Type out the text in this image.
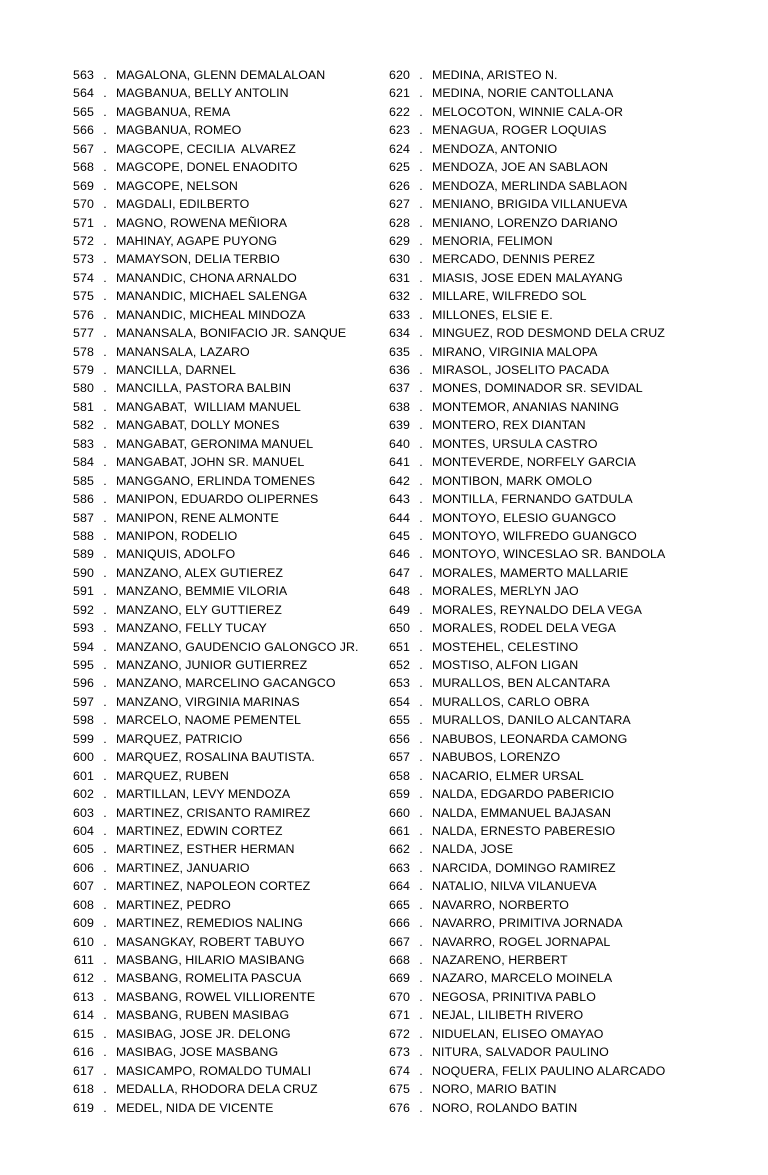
563 . MAGALONA, GLENN DEMALALOAN
564 . MAGBANUA, BELLY ANTOLIN
565 . MAGBANUA, REMA
566 . MAGBANUA, ROMEO
567 . MAGCOPE, CECILIA  ALVAREZ
568 . MAGCOPE, DONEL ENAODITO
569 . MAGCOPE, NELSON
570 . MAGDALI, EDILBERTO
571 . MAGNO, ROWENA MEÑIORA
572 . MAHINAY, AGAPE PUYONG
573 . MAMAYSON, DELIA TERBIO
574 . MANANDIC, CHONA ARNALDO
575 . MANANDIC, MICHAEL SALENGA
576 . MANANDIC, MICHEAL MINDOZA
577 . MANANSALA, BONIFACIO JR. SANQUE
578 . MANANSALA, LAZARO
579 . MANCILLA, DARNEL
580 . MANCILLA, PASTORA BALBIN
581 . MANGABAT,  WILLIAM MANUEL
582 . MANGABAT, DOLLY MONES
583 . MANGABAT, GERONIMA MANUEL
584 . MANGABAT, JOHN SR. MANUEL
585 . MANGGANO, ERLINDA TOMENES
586 . MANIPON, EDUARDO OLIPERNES
587 . MANIPON, RENE ALMONTE
588 . MANIPON, RODELIO
589 . MANIQUIS, ADOLFO
590 . MANZANO, ALEX GUTIEREZ
591 . MANZANO, BEMMIE VILORIA
592 . MANZANO, ELY GUTTIEREZ
593 . MANZANO, FELLY TUCAY
594 . MANZANO, GAUDENCIO GALONGCO JR.
595 . MANZANO, JUNIOR GUTIERREZ
596 . MANZANO, MARCELINO GACANGCO
597 . MANZANO, VIRGINIA MARINAS
598 . MARCELO, NAOME PEMENTEL
599 . MARQUEZ, PATRICIO
600 . MARQUEZ, ROSALINA BAUTISTA.
601 . MARQUEZ, RUBEN
602 . MARTILLAN, LEVY MENDOZA
603 . MARTINEZ, CRISANTO RAMIREZ
604 . MARTINEZ, EDWIN CORTEZ
605 . MARTINEZ, ESTHER HERMAN
606 . MARTINEZ, JANUARIO
607 . MARTINEZ, NAPOLEON CORTEZ
608 . MARTINEZ, PEDRO
609 . MARTINEZ, REMEDIOS NALING
610 . MASANGKAY, ROBERT TABUYO
611 . MASBANG, HILARIO MASIBANG
612 . MASBANG, ROMELITA PASCUA
613 . MASBANG, ROWEL VILLIORENTE
614 . MASBANG, RUBEN MASIBAG
615 . MASIBAG, JOSE JR. DELONG
616 . MASIBAG, JOSE MASBANG
617 . MASICAMPO, ROMALDO TUMALI
618 . MEDALLA, RHODORA DELA CRUZ
619 . MEDEL, NIDA DE VICENTE
620 . MEDINA, ARISTEO N.
621 . MEDINA, NORIE CANTOLLANA
622 . MELOCOTON, WINNIE CALA-OR
623 . MENAGUA, ROGER LOQUIAS
624 . MENDOZA, ANTONIO
625 . MENDOZA, JOE AN SABLAON
626 . MENDOZA, MERLINDA SABLAON
627 . MENIANO, BRIGIDA VILLANUEVA
628 . MENIANO, LORENZO DARIANO
629 . MENORIA, FELIMON
630 . MERCADO, DENNIS PEREZ
631 . MIASIS, JOSE EDEN MALAYANG
632 . MILLARE, WILFREDO SOL
633 . MILLONES, ELSIE E.
634 . MINGUEZ, ROD DESMOND DELA CRUZ
635 . MIRANO, VIRGINIA MALOPA
636 . MIRASOL, JOSELITO PACADA
637 . MONES, DOMINADOR SR. SEVIDAL
638 . MONTEMOR, ANANIAS NANING
639 . MONTERO, REX DIANTAN
640 . MONTES, URSULA CASTRO
641 . MONTEVERDE, NORFELY GARCIA
642 . MONTIBON, MARK OMOLO
643 . MONTILLA, FERNANDO GATDULA
644 . MONTOYO, ELESIO GUANGCO
645 . MONTOYO, WILFREDO GUANGCO
646 . MONTOYO, WINCESLAO SR. BANDOLA
647 . MORALES, MAMERTO MALLARIE
648 . MORALES, MERLYN JAO
649 . MORALES, REYNALDO DELA VEGA
650 . MORALES, RODEL DELA VEGA
651 . MOSTEHEL, CELESTINO
652 . MOSTISO, ALFON LIGAN
653 . MURALLOS, BEN ALCANTARA
654 . MURALLOS, CARLO OBRA
655 . MURALLOS, DANILO ALCANTARA
656 . NABUBOS, LEONARDA CAMONG
657 . NABUBOS, LORENZO
658 . NACARIO, ELMER URSAL
659 . NALDA, EDGARDO PABERICIO
660 . NALDA, EMMANUEL BAJASAN
661 . NALDA, ERNESTO PABERESIO
662 . NALDA, JOSE
663 . NARCIDA, DOMINGO RAMIREZ
664 . NATALIO, NILVA VILANUEVA
665 . NAVARRO, NORBERTO
666 . NAVARRO, PRIMITIVA JORNADA
667 . NAVARRO, ROGEL JORNAPAL
668 . NAZARENO, HERBERT
669 . NAZARO, MARCELO MOINELA
670 . NEGOSA, PRINITIVA PABLO
671 . NEJAL, LILIBETH RIVERO
672 . NIDUELAN, ELISEO OMAYAO
673 . NITURA, SALVADOR PAULINO
674 . NOQUERA, FELIX PAULINO ALARCADO
675 . NORO, MARIO BATIN
676 . NORO, ROLANDO BATIN
